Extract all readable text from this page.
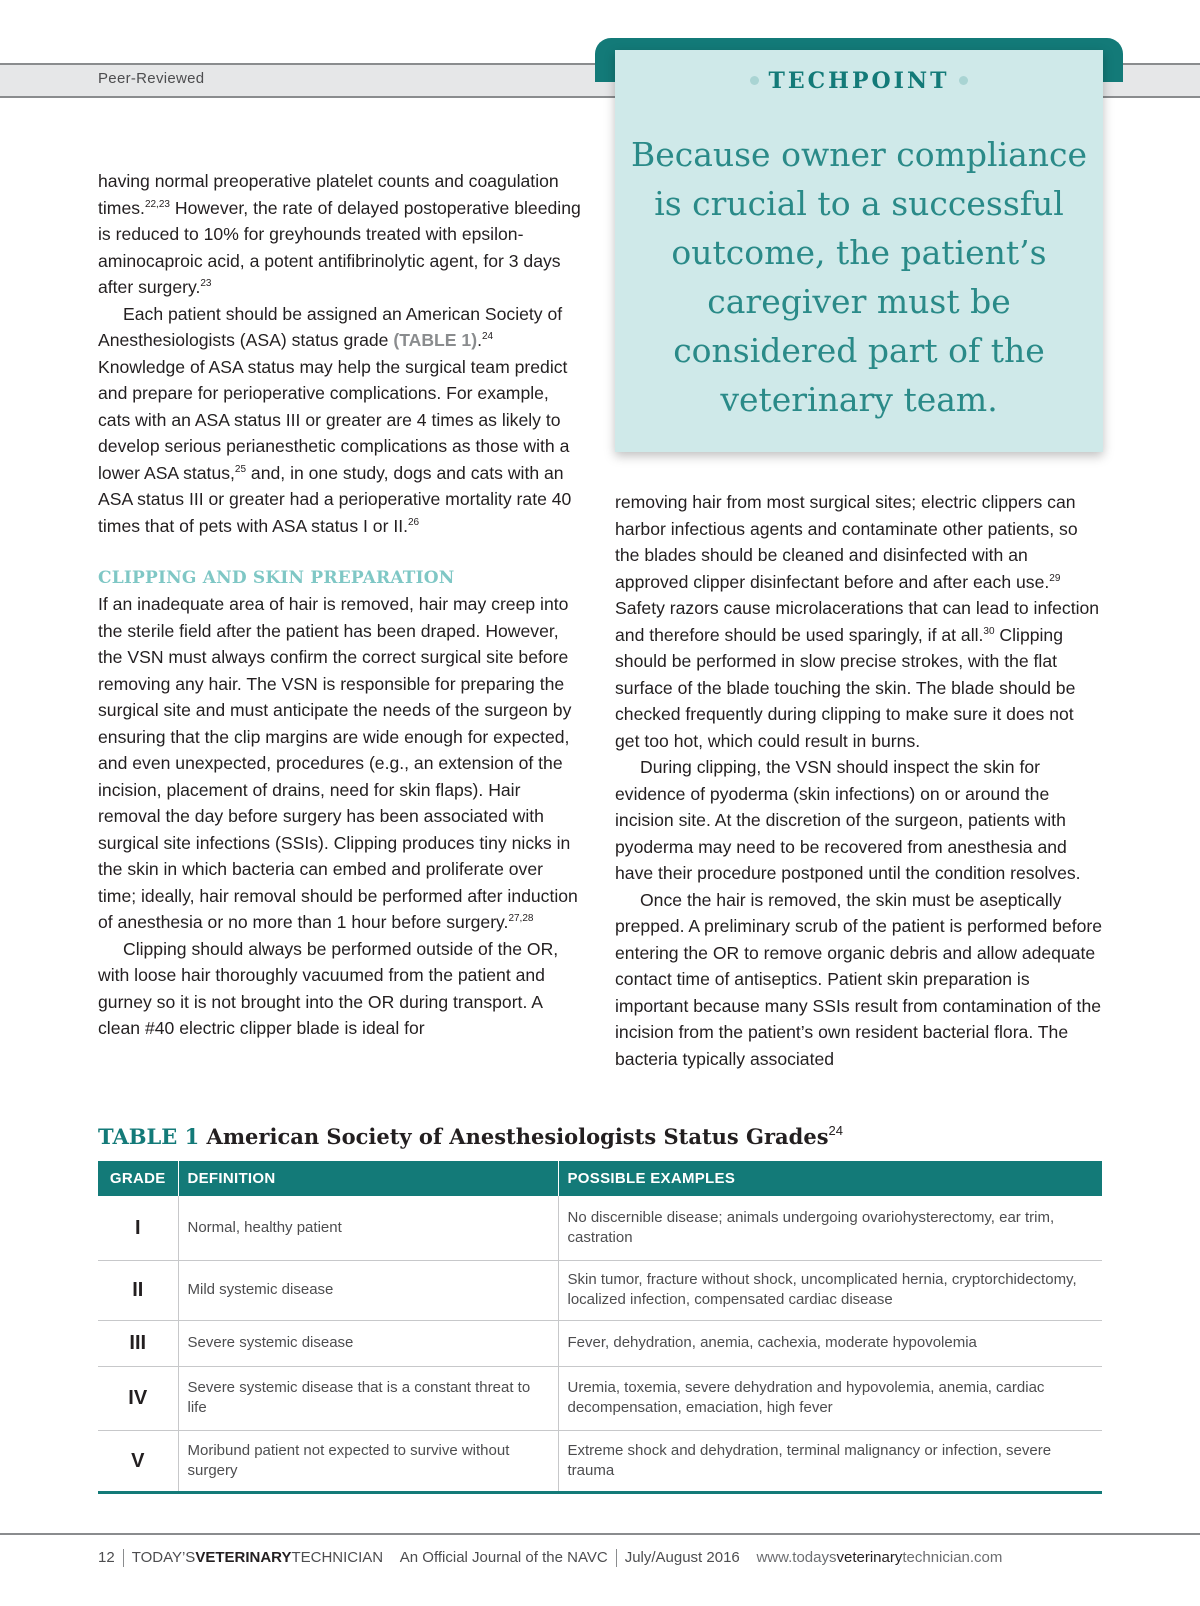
Peer-Reviewed	TECHPOINT
Because owner compliance is crucial to a successful outcome, the patient’s caregiver must be considered part of the veterinary team.

having normal preoperative platelet counts and coagulation times.$^{22,23}$ However, the rate of delayed postoperative bleeding is reduced to 10% for greyhounds treated with epsilon-aminocaproic acid, a potent antifibrinolytic agent, for 3 days after surgery.$^{23}$

Each patient should be assigned an American Society of Anesthesiologists (ASA) status grade (TABLE 1).$^{24}$ Knowledge of ASA status may help the surgical team predict and prepare for perioperative complications. For example, cats with an ASA status III or greater are 4 times as likely to develop serious perianesthetic complications as those with a lower ASA status,$^{25}$ and, in one study, dogs and cats with an ASA status III or greater had a perioperative mortality rate 40 times that of pets with ASA status I or II.$^{26}$

CLIPPING AND SKIN PREPARATION

If an inadequate area of hair is removed, hair may creep into the sterile field after the patient has been draped. However, the VSN must always confirm the correct surgical site before removing any hair. The VSN is responsible for preparing the surgical site and must anticipate the needs of the surgeon by ensuring that the clip margins are wide enough for expected, and even unexpected, procedures (e.g., an extension of the incision, placement of drains, need for skin flaps). Hair removal the day before surgery has been associated with surgical site infections (SSIs). Clipping produces tiny nicks in the skin in which bacteria can embed and proliferate over time; ideally, hair removal should be performed after induction of anesthesia or no more than 1 hour before surgery.$^{27,28}$

Clipping should always be performed outside of the OR, with loose hair thoroughly vacuumed from the patient and gurney so it is not brought into the OR during transport. A clean #40 electric clipper blade is ideal for

removing hair from most surgical sites; electric clippers can harbor infectious agents and contaminate other patients, so the blades should be cleaned and disinfected with an approved clipper disinfectant before and after each use.$^{29}$ Safety razors cause microlacerations that can lead to infection and therefore should be used sparingly, if at all.$^{30}$ Clipping should be performed in slow precise strokes, with the flat surface of the blade touching the skin. The blade should be checked frequently during clipping to make sure it does not get too hot, which could result in burns.

During clipping, the VSN should inspect the skin for evidence of pyoderma (skin infections) on or around the incision site. At the discretion of the surgeon, patients with pyoderma may need to be recovered from anesthesia and have their procedure postponed until the condition resolves.

Once the hair is removed, the skin must be aseptically prepped. A preliminary scrub of the patient is performed before entering the OR to remove organic debris and allow adequate contact time of antiseptics. Patient skin preparation is important because many SSIs result from contamination of the incision from the patient’s own resident bacterial flora. The bacteria typically associated

TABLE 1 American Society of Anesthesiologists Status Grades$^{24}$
GRADE	DEFINITION	POSSIBLE EXAMPLES
I	Normal, healthy patient	No discernible disease; animals undergoing ovariohysterectomy, ear trim, castration
II	Mild systemic disease	Skin tumor, fracture without shock, uncomplicated hernia, cryptorchidectomy, localized infection, compensated cardiac disease
III	Severe systemic disease	Fever, dehydration, anemia, cachexia, moderate hypovolemia
IV	Severe systemic disease that is a constant threat to life	Uremia, toxemia, severe dehydration and hypovolemia, anemia, cardiac decompensation, emaciation, high fever
V	Moribund patient not expected to survive without surgery	Extreme shock and dehydration, terminal malignancy or infection, severe trauma
12 TODAY’SVETERINARYTECHNICIAN An Official Journal of the NAVC July/August 2016 www.todaysveterinarytechnician.com
